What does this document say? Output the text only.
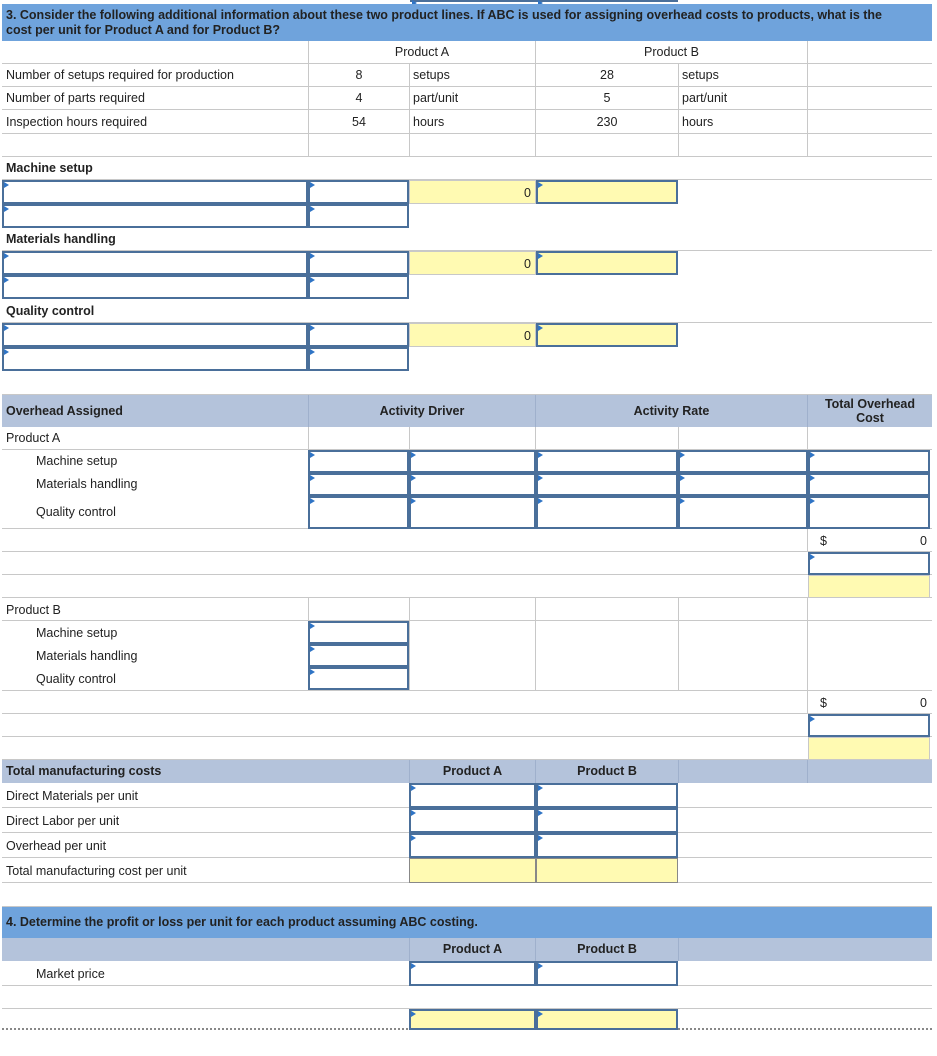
3. Consider the following additional information about these two product lines. If ABC is used for assigning overhead costs to products, what is the
cost per unit for Product A and for Product B?
Product A	Product B
Number of setups required for production	8	setups	28	setups
Number of parts required	4	part/unit	5	part/unit
Inspection hours required	54	hours	230	hours
Machine setup
0
Materials handling
0
Quality control
0
Overhead Assigned	Activity Driver	Activity Rate	Total Overhead
Cost
Product A
Machine setup
Materials handling
Quality control
$	0
Product B
Machine setup
Materials handling
Quality control
$	0
Total manufacturing costs	Product A	Product B
Direct Materials per unit
Direct Labor per unit
Overhead per unit
Total manufacturing cost per unit
4. Determine the profit or loss per unit for each product assuming ABC costing.
Product A	Product B
Market price
